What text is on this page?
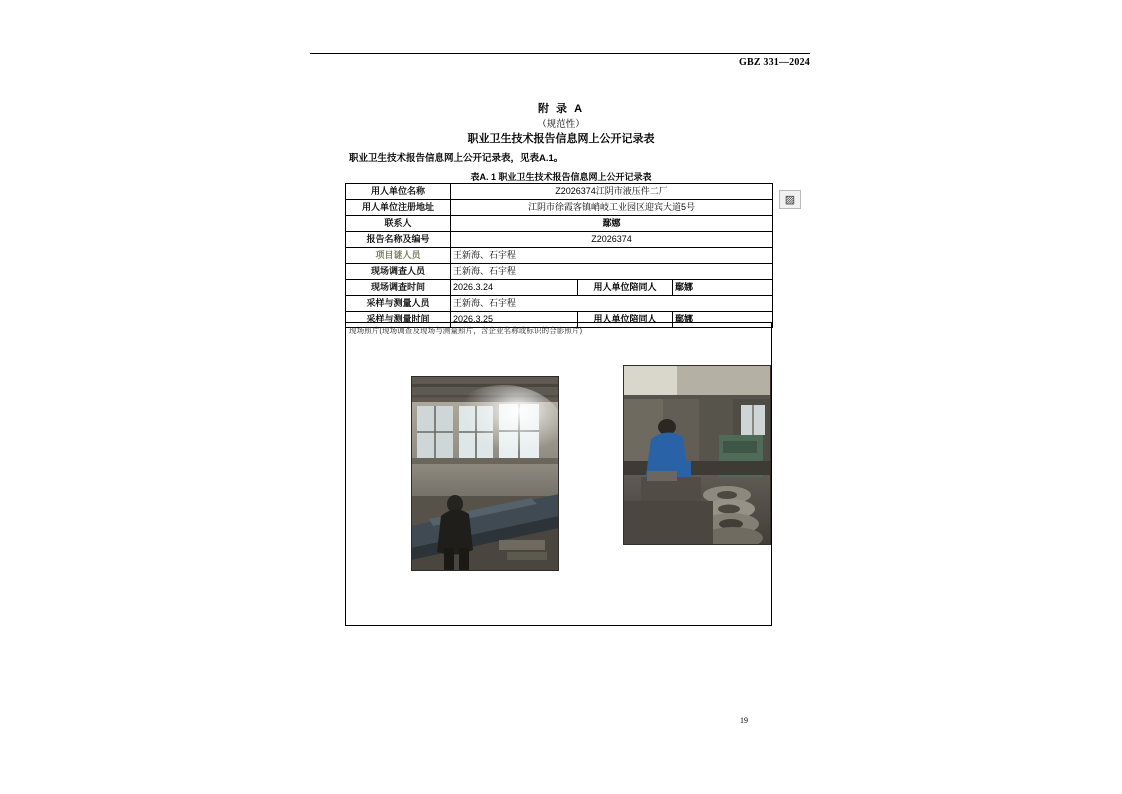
GBZ 331—2024
附 录 A
（规范性）
职业卫生技术报告信息网上公开记录表
职业卫生技术报告信息网上公开记录表，见表A.1。
表A. 1 职业卫生技术报告信息网上公开记录表
用人单位名称	Z2026374江阴市液压件二厂		
用人单位注册地址	江阴市徐霞客镇峭岐工业园区迎宾大道5号		
联系人	鄢娜		
报告名称及编号	Z2026374		
项目谜人员	王新海、石宇程		
现场调查人员	王新海、石宇程		
现场调查时间	2026.3.24	用人单位陪同人	鄢娜
采样与测量人员	王新海、石宇程		
采样与测量时间	2026.3.25	用人单位陪同人	鄢娜
现场照片(现场调查及现场与测量照片，含企业名称或标识的合影照片)
▨
19
